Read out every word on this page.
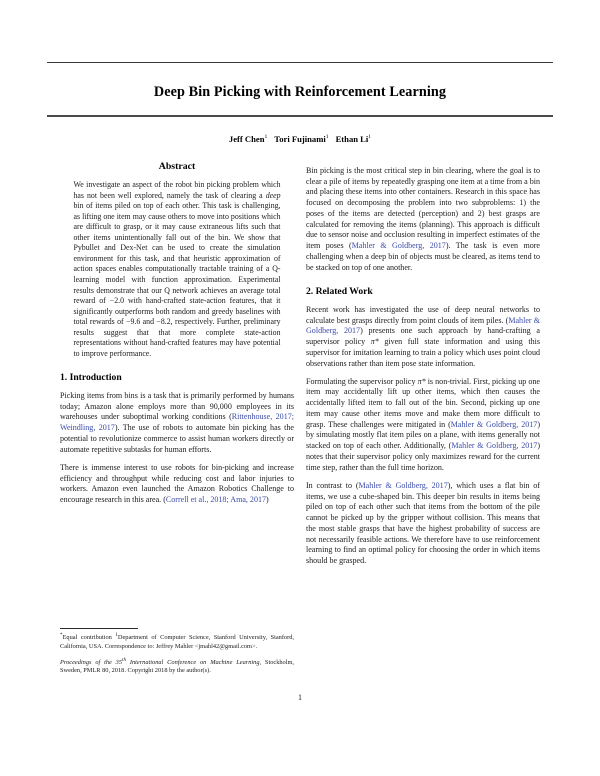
Deep Bin Picking with Reinforcement Learning
Jeff Chen$^1$ Tori Fujinami$^1$ Ethan Li$^1$
Abstract

We investigate an aspect of the robot bin picking problem which has not been well explored, namely the task of clearing a deep bin of items piled on top of each other. This task is challenging, as lifting one item may cause others to move into positions which are difficult to grasp, or it may cause extraneous lifts such that other items unintentionally fall out of the bin. We show that Pybullet and Dex-Net can be used to create the simulation environment for this task, and that heuristic approximation of action spaces enables computationally tractable training of a Q-learning model with function approximation. Experimental results demonstrate that our Q network achieves an average total reward of −2.0 with hand-crafted state-action features, that it significantly outperforms both random and greedy baselines with total rewards of −9.6 and −8.2, respectively. Further, preliminary results suggest that that more complete state-action representations without hand-crafted features may have potential to improve performance.

1. Introduction

Picking items from bins is a task that is primarily performed by humans today; Amazon alone employs more than 90,000 employees in its warehouses under suboptimal working conditions (Rittenhouse, 2017; Weindling, 2017). The use of robots to automate bin picking has the potential to revolutionize commerce to assist human workers directly or automate repetitive subtasks for human efforts.

There is immense interest to use robots for bin-picking and increase efficiency and throughput while reducing cost and labor injuries to workers. Amazon even launched the Amazon Robotics Challenge to encourage research in this area. (Correll et al., 2018; Ama, 2017)

Bin picking is the most critical step in bin clearing, where the goal is to clear a pile of items by repeatedly grasping one item at a time from a bin and placing these items into other containers. Research in this space has focused on decomposing the problem into two subproblems: 1) the poses of the items are detected (perception) and 2) best grasps are calculated for removing the items (planning). This approach is difficult due to sensor noise and occlusion resulting in imperfect estimates of the item poses (Mahler & Goldberg, 2017). The task is even more challenging when a deep bin of objects must be cleared, as items tend to be stacked on top of one another.

2. Related Work

Recent work has investigated the use of deep neural networks to calculate best grasps directly from point clouds of item piles. (Mahler & Goldberg, 2017) presents one such approach by hand-crafting a supervisor policy π* given full state information and using this supervisor for imitation learning to train a policy which uses point cloud observations rather than item pose state information.

Formulating the supervisor policy π* is non-trivial. First, picking up one item may accidentally lift up other items, which then causes the accidentally lifted item to fall out of the bin. Second, picking up one item may cause other items move and make them more difficult to grasp. These challenges were mitigated in (Mahler & Goldberg, 2017) by simulating mostly flat item piles on a plane, with items generally not stacked on top of each other. Additionally, (Mahler & Goldberg, 2017) notes that their supervisor policy only maximizes reward for the current time step, rather than the full time horizon.

In contrast to (Mahler & Goldberg, 2017), which uses a flat bin of items, we use a cube-shaped bin. This deeper bin results in items being piled on top of each other such that items from the bottom of the pile cannot be picked up by the gripper without collision. This means that the most stable grasps that have the highest probability of success are not necessarily feasible actions. We therefore have to use reinforcement learning to find an optimal policy for choosing the order in which items should be grasped.

*Equal contribution $^1$Department of Computer Science, Stanford University, Stanford, California, USA. Correspondence to: Jeffrey Mahler <jmahl42@gmail.com>.

Proceedings of the 35th International Conference on Machine Learning, Stockholm, Sweden, PMLR 80, 2018. Copyright 2018 by the author(s).

1
